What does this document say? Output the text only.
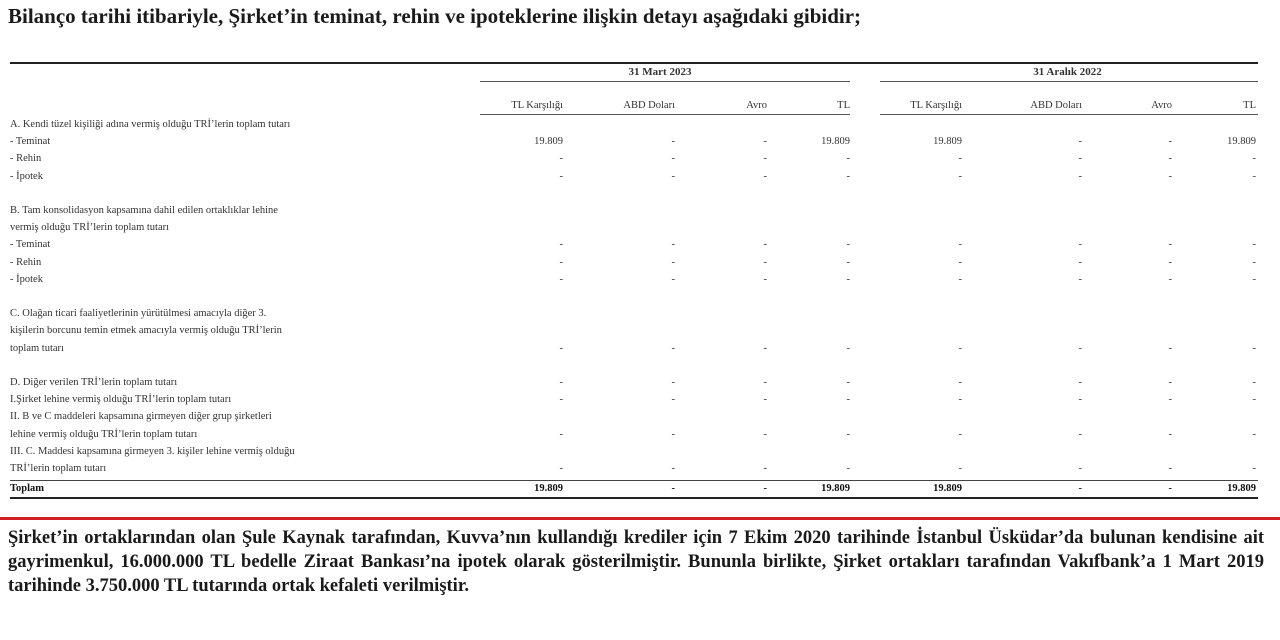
Bilanço tarihi itibariyle, Şirket’in teminat, rehin ve ipoteklerine ilişkin detayı aşağıdaki gibidir;
31 Mart 2023	31 Aralık 2022
TL Karşılığı	ABD Doları	Avro	TL	TL Karşılığı	ABD Doları	Avro	TL
A. Kendi tüzel kişiliği adına vermiş olduğu TRİ’lerin toplam tutarı
- Teminat	19.809	-	-	19.809	19.809	-	-	19.809
- Rehin	-	-	-	-	-	-	-	-
- İpotek	-	-	-	-	-	-	-	-
B. Tam konsolidasyon kapsamına dahil edilen ortaklıklar lehine
vermiş olduğu TRİ’lerin toplam tutarı
- Teminat	-	-	-	-	-	-	-	-
- Rehin	-	-	-	-	-	-	-	-
- İpotek	-	-	-	-	-	-	-	-
C. Olağan ticari faaliyetlerinin yürütülmesi amacıyla diğer 3.
kişilerin borcunu temin etmek amacıyla vermiş olduğu TRİ’lerin
toplam tutarı	-	-	-	-	-	-	-	-
D. Diğer verilen TRİ’lerin toplam tutarı	-	-	-	-	-	-	-	-
I.Şirket lehine vermiş olduğu TRİ’lerin toplam tutarı	-	-	-	-	-	-	-	-
II. B ve C maddeleri kapsamına girmeyen diğer grup şirketleri
lehine vermiş olduğu TRİ’lerin toplam tutarı	-	-	-	-	-	-	-	-
III. C. Maddesi kapsamına girmeyen 3. kişiler lehine vermiş olduğu
TRİ’lerin toplam tutarı	-	-	-	-	-	-	-	-
Toplam	19.809	-	-	19.809	19.809	-	-	19.809
Şirket’in ortaklarından olan Şule Kaynak tarafından, Kuvva’nın kullandığı krediler için 7 Ekim 2020 tarihinde İstanbul Üsküdar’da bulunan kendisine ait gayrimenkul, 16.000.000 TL bedelle Ziraat Bankası’na ipotek olarak gösterilmiştir. Bununla birlikte, Şirket ortakları tarafından Vakıfbank’a 1 Mart 2019 tarihinde 3.750.000 TL tutarında ortak kefaleti verilmiştir.
